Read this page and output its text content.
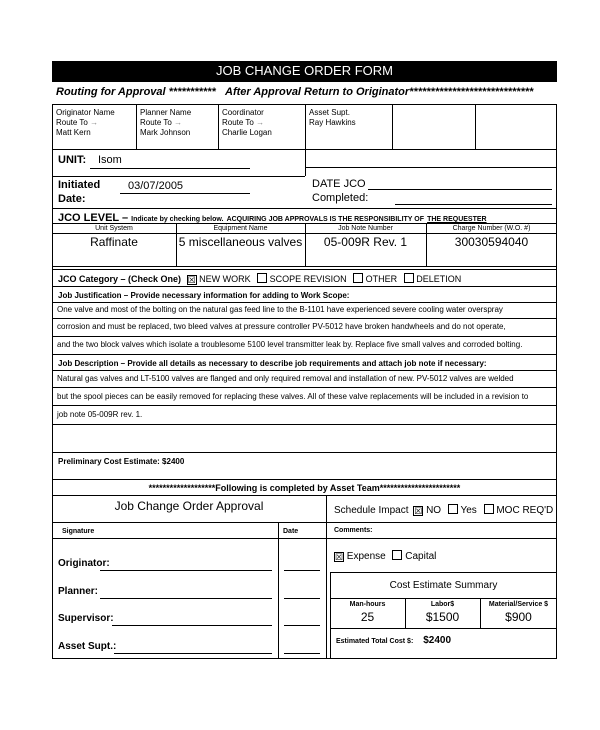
JOB CHANGE ORDER FORM
Routing for Approval *********** After Approval Return to Originator*****************************
Originator Name
Route To →
Matt Kern
Planner Name
Route To →
Mark Johnson
Coordinator
Route To →
Charlie Logan
Asset Supt.
Ray Hawkins
UNIT: Isom
Initiated
Date:
03/07/2005	DATE JCO
Completed:
JCO LEVEL – Indicate by checking below. ACQUIRING JOB APPROVALS IS THE RESPONSIBILITY OF THE REQUESTER
Unit System	Equipment Name	Job Note Number	Charge Number (W.O. #)
Raffinate	5 miscellaneous valves	05-009R Rev. 1	30030594040
JCO Category – (Check One) ☒ NEW WORK SCOPE REVISION OTHER DELETION
Job Justification – Provide necessary information for adding to Work Scope:
One valve and most of the bolting on the natural gas feed line to the B-1101 have experienced severe cooling water overspray
corrosion and must be replaced, two bleed valves at pressure controller PV-5012 have broken handwheels and do not operate,
and the two block valves which isolate a troublesome 5100 level transmitter leak by. Replace five small valves and corroded bolting.
Job Description – Provide all details as necessary to describe job requirements and attach job note if necessary:
Natural gas valves and LT-5100 valves are flanged and only required removal and installation of new. PV-5012 valves are welded
but the spool pieces can be easily removed for replacing these valves. All of these valve replacements will be included in a revision to
job note 05-009R rev. 1.
Preliminary Cost Estimate: $2400
*******************Following is completed by Asset Team***********************
Job Change Order Approval
Signature	Date
Originator:
Planner:
Supervisor:
Asset Supt.:
Schedule Impact ☒ NO Yes MOC REQ'D
Comments:
☒ Expense Capital
Cost Estimate Summary
Man-hours	Labor$	Material/Service $
25	$1500	$900
Estimated Total Cost $: $2400
